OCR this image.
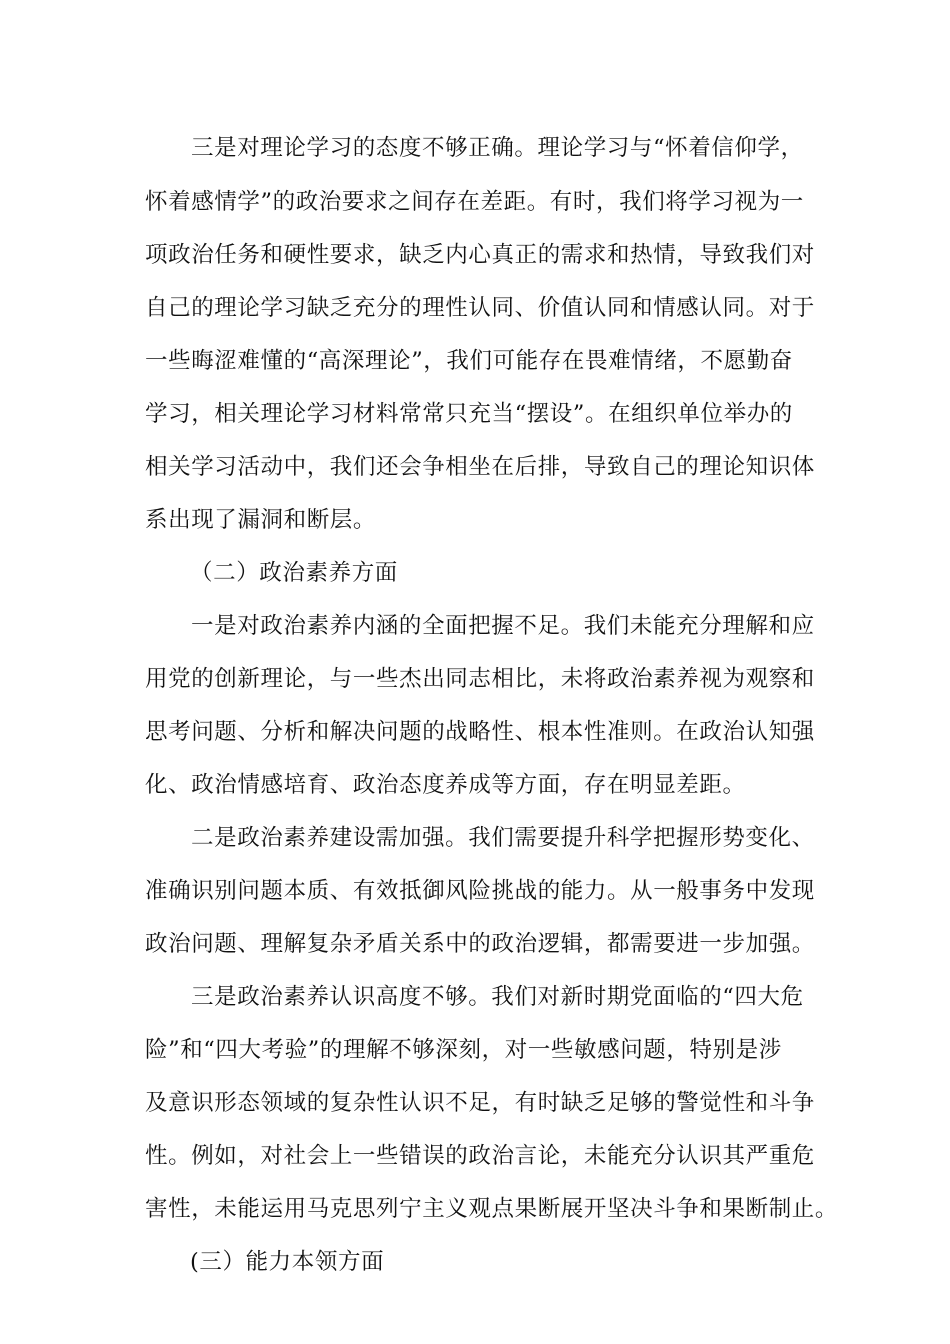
三是对理论学习的态度不够正确。理论学习与“怀着信仰学，
怀着感情学”的政治要求之间存在差距。有时，我们将学习视为一
项政治任务和硬性要求，缺乏内心真正的需求和热情，导致我们对
自己的理论学习缺乏充分的理性认同、价值认同和情感认同。对于
一些晦涩难懂的“高深理论”，我们可能存在畏难情绪，不愿勤奋
学习，相关理论学习材料常常只充当“摆设”。在组织单位举办的
相关学习活动中，我们还会争相坐在后排，导致自己的理论知识体
系出现了漏洞和断层。
（二）政治素养方面
一是对政治素养内涵的全面把握不足。我们未能充分理解和应
用党的创新理论，与一些杰出同志相比，未将政治素养视为观察和
思考问题、分析和解决问题的战略性、根本性准则。在政治认知强
化、政治情感培育、政治态度养成等方面，存在明显差距。
二是政治素养建设需加强。我们需要提升科学把握形势变化、
准确识别问题本质、有效抵御风险挑战的能力。从一般事务中发现
政治问题、理解复杂矛盾关系中的政治逻辑，都需要进一步加强。
三是政治素养认识高度不够。我们对新时期党面临的“四大危
险”和“四大考验”的理解不够深刻，对一些敏感问题，特别是涉
及意识形态领域的复杂性认识不足，有时缺乏足够的警觉性和斗争
性。例如，对社会上一些错误的政治言论，未能充分认识其严重危
害性，未能运用马克思列宁主义观点果断展开坚决斗争和果断制止。
(三）能力本领方面
